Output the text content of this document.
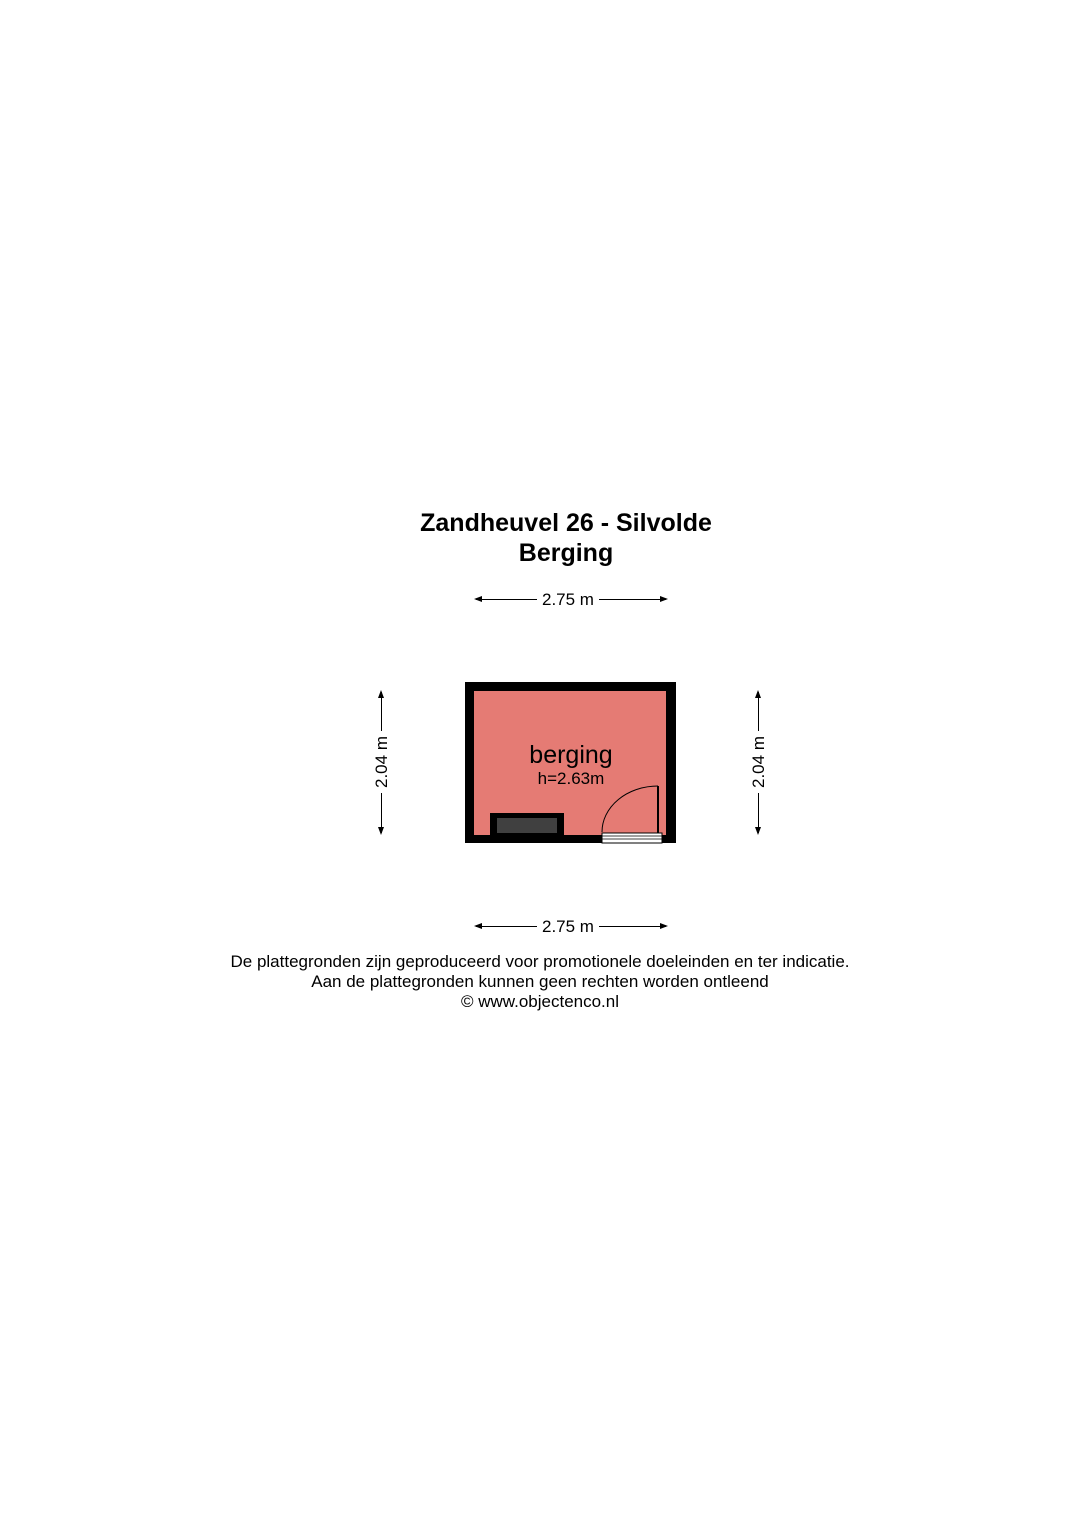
Zandheuvel 26 - Silvolde
Berging
2.75 m
2.75 m
2.04 m	2.04 m
berging
h=2.63m
De plattegronden zijn geproduceerd voor promotionele doeleinden en ter indicatie.
Aan de plattegronden kunnen geen rechten worden ontleend
© www.objectenco.nl
